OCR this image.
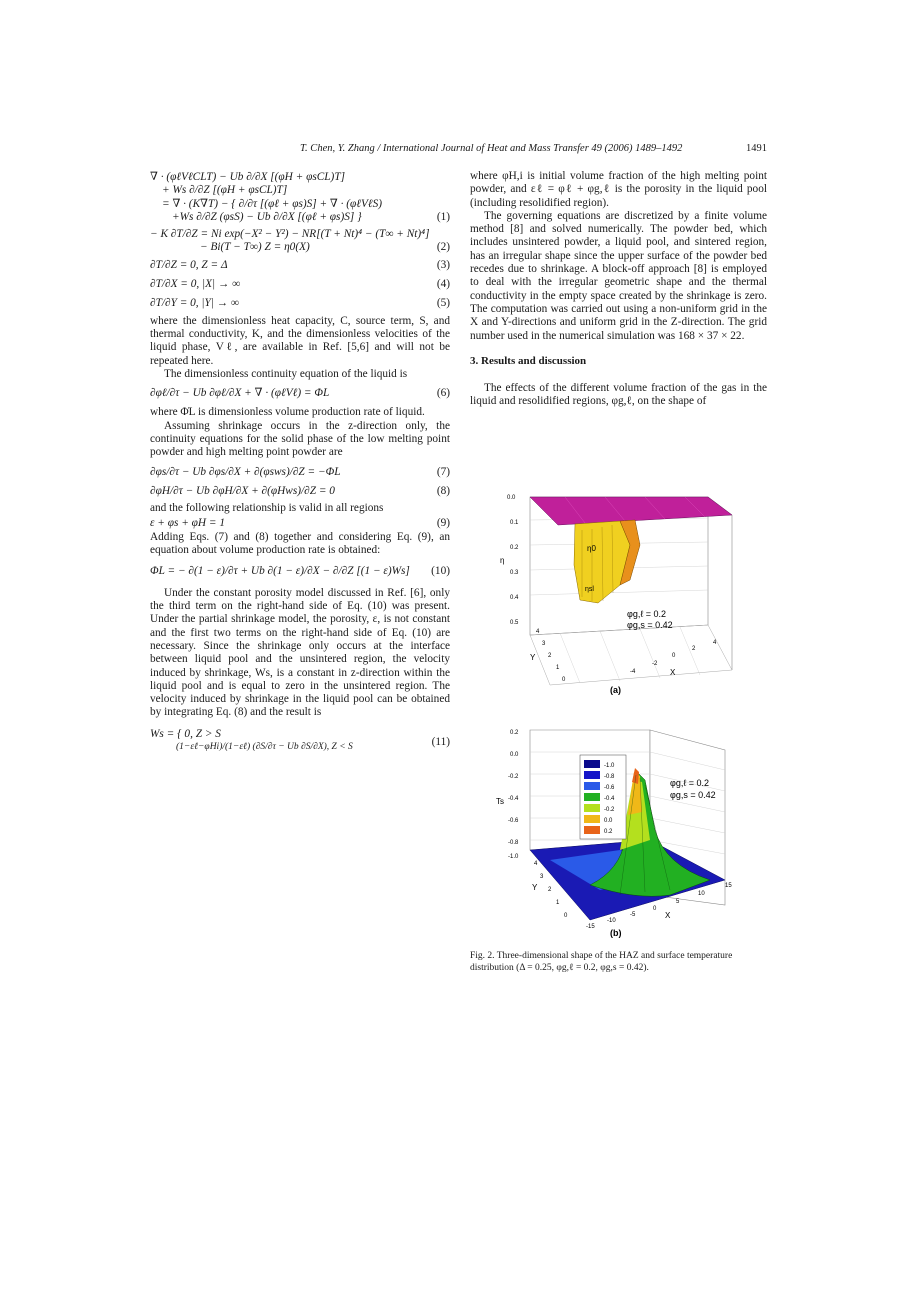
T. Chen, Y. Zhang / International Journal of Heat and Mass Transfer 49 (2006) 1489–1492	1491
∇ · (φℓVℓCLT) − Ub ∂/∂X [(φH + φsCL)T]
+ Ws ∂/∂Z [(φH + φsCL)T]
= ∇ · (K∇T) − { ∂/∂τ [(φℓ + φs)S] + ∇ · (φℓVℓS)
+Ws ∂/∂Z (φsS) − Ub ∂/∂X [(φℓ + φs)S] }	(1)
− K ∂T/∂Z = Ni exp(−X² − Y²) − NR[(T + Nt)⁴ − (T∞ + Nt)⁴]
− Bi(T − T∞) Z = η0(X)	(2)
∂T/∂Z = 0, Z = Δ	(3)
∂T/∂X = 0, |X| → ∞	(4)
∂T/∂Y = 0, |Y| → ∞	(5)

where the dimensionless heat capacity, C, source term, S, and thermal conductivity, K, and the dimensionless velocities of the liquid phase, Vℓ, are available in Ref. [5,6] and will not be repeated here.

The dimensionless continuity equation of the liquid is

∂φℓ/∂τ − Ub ∂φℓ/∂X + ∇ · (φℓVℓ) = Φ̇L	(6)

where Φ̇L is dimensionless volume production rate of liquid.

Assuming shrinkage occurs in the z-direction only, the continuity equations for the solid phase of the low melting point powder and high melting point powder are

∂φs/∂τ − Ub ∂φs/∂X + ∂(φsws)/∂Z = −Φ̇L	(7)
∂φH/∂τ − Ub ∂φH/∂X + ∂(φHws)/∂Z = 0	(8)

and the following relationship is valid in all regions

ε + φs + φH = 1	(9)

Adding Eqs. (7) and (8) together and considering Eq. (9), an equation about volume production rate is obtained:

Φ̇L = − ∂(1 − ε)/∂τ + Ub ∂(1 − ε)/∂X − ∂/∂Z [(1 − ε)Ws] (10)

Under the constant porosity model discussed in Ref. [6], only the third term on the right-hand side of Eq. (10) was present. Under the partial shrinkage model, the porosity, ε, is not constant and the first two terms on the right-hand side of Eq. (10) are necessary. Since the shrinkage only occurs at the interface between liquid pool and the unsintered region, the velocity induced by shrinkage, Ws, is a constant in z-direction within the liquid pool and is equal to zero in the unsintered region. The velocity induced by shrinkage in the liquid pool can be obtained by integrating Eq. (8) and the result is

Ws = { 0, Z > S
(1−εℓ−φHi)/(1−εℓ) (∂S/∂τ − Ub ∂S/∂X), Z < S	(11)

where φH,i is initial volume fraction of the high melting point powder, and εℓ = φℓ + φg,ℓ is the porosity in the liquid pool (including resolidified region).

The governing equations are discretized by a finite volume method [8] and solved numerically. The powder bed, which includes unsintered powder, a liquid pool, and sintered region, has an irregular shape since the upper surface of the powder bed recedes due to shrinkage. A block-off approach [8] is employed to deal with the irregular geometric shape and the thermal conductivity in the empty space created by the shrinkage is zero. The computation was carried out using a non-uniform grid in the X and Y-directions and uniform grid in the Z-direction. The grid number used in the numerical simulation was 168 × 37 × 22.

3. Results and discussion

The effects of the different volume fraction of the gas in the liquid and resolidified regions, φg,ℓ, on the shape of

0.0
0.1
0.2
0.3
0.4
0.5
η
η0
ηsl
φg,ℓ = 0.2
φg,s = 0.42
4
3
2
1
0
Y
4
2
0
-2
-4	X
(a)
-1.0
-0.8
-0.6
-0.4
-0.2
0.0
0.2
0.2
0.0
-0.2
-0.4
-0.6
-0.8
-1.0
Ts
φg,ℓ = 0.2
φg,s = 0.42
4
3
2
1
0
Y
-15
-10
-5
0
5
10
15
X
(b)
Fig. 2. Three-dimensional shape of the HAZ and surface temperature distribution (Δ = 0.25, φg,ℓ = 0.2, φg,s = 0.42).
